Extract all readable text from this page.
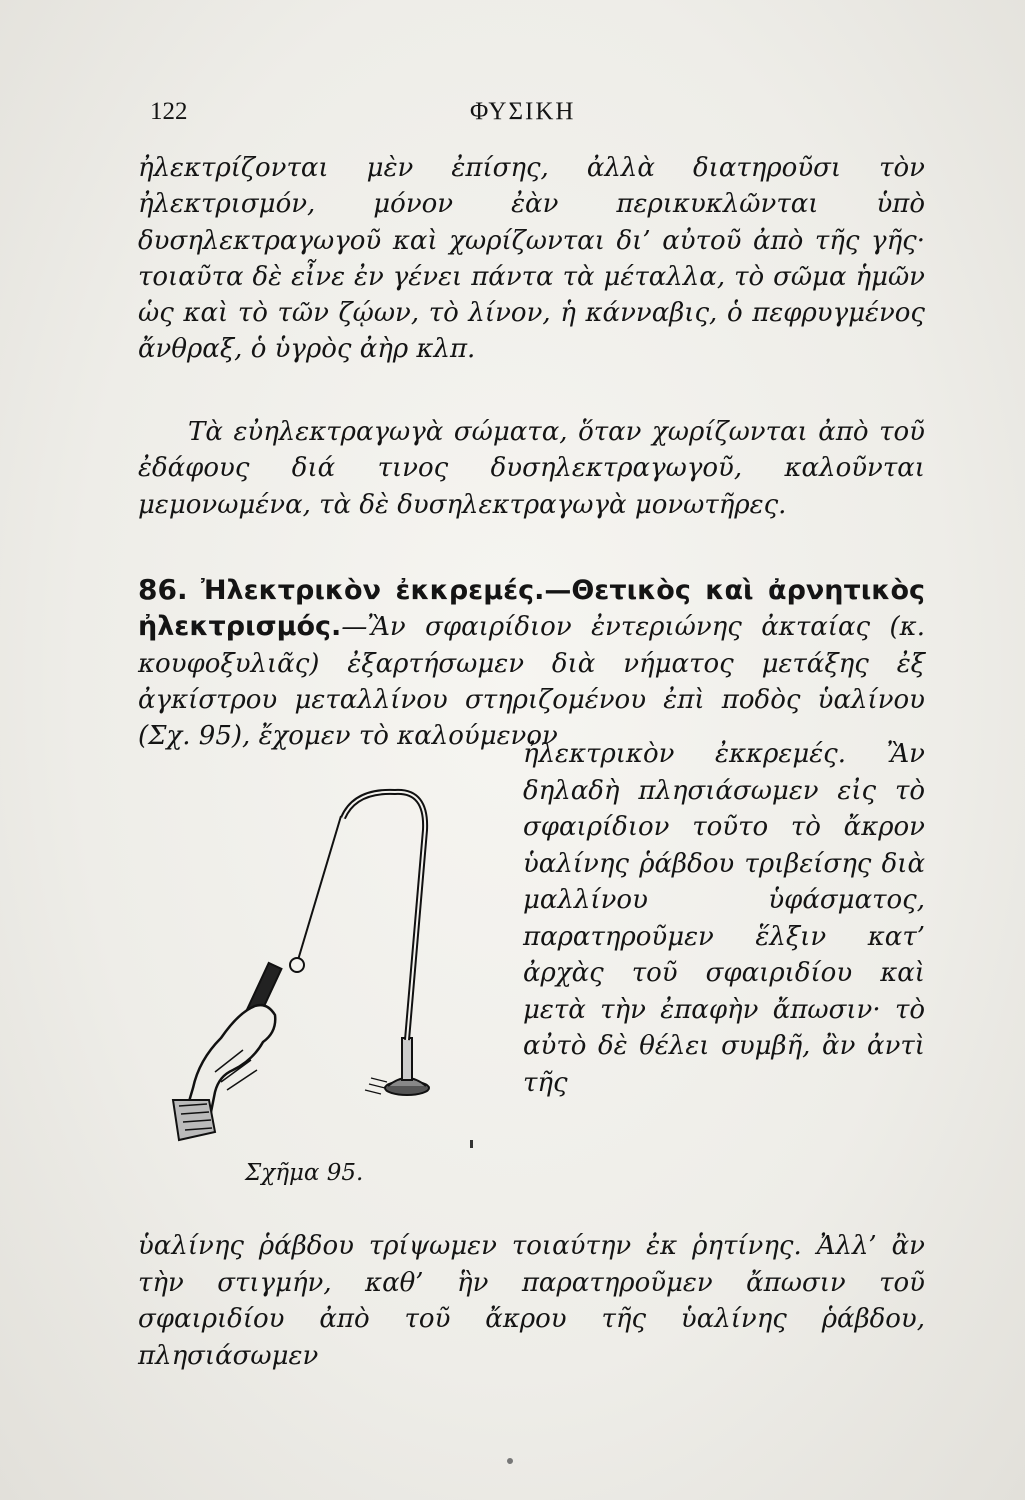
122	ΦΥΣΙΚΗ
ἠλεκτρίζονται μὲν ἐπίσης, ἀλλὰ διατηροῦσι τὸν ἠλεκτρισμόν, μόνον ἐὰν περικυκλῶνται ὑπὸ δυσηλεκτραγωγοῦ καὶ χωρίζωνται δι’ αὐτοῦ ἀπὸ τῆς γῆς· τοιαῦτα δὲ εἶνε ἐν γένει πάντα τὰ μέταλλα, τὸ σῶμα ἡμῶν ὡς καὶ τὸ τῶν ζῴων, τὸ λίνον, ἡ κάνναβις, ὁ πεφρυγμένος ἄνθραξ, ὁ ὑγρὸς ἀὴρ κλπ.
Τὰ εὐηλεκτραγωγὰ σώματα, ὅταν χωρίζωνται ἀπὸ τοῦ ἐδάφους διά τινος δυσηλεκτραγωγοῦ, καλοῦνται μεμονωμένα, τὰ δὲ δυσηλεκτραγωγὰ μονωτῆρες.
86. Ἠλεκτρικὸν ἐκκρεμές.—Θετικὸς καὶ ἀρνητικὸς ἠλεκτρισμός.—Ἂν σφαιρίδιον ἐντεριώνης ἀκταίας (κ. κουφοξυλιᾶς) ἐξαρτήσωμεν διὰ νήματος μετάξης ἐξ ἀγκίστρου μεταλλίνου στηριζομένου ἐπὶ ποδὸς ὑαλίνου (Σχ. 95), ἔχομεν τὸ καλούμενον
ἠλεκτρικὸν ἐκκρεμές. Ἂν δηλαδὴ πλησιάσωμεν εἰς τὸ σφαιρίδιον τοῦτο τὸ ἄκρον ὑαλίνης ῥάβδου τριβείσης διὰ μαλλίνου ὑφάσματος, παρατηροῦμεν ἕλξιν κατ’ ἀρχὰς τοῦ σφαιριδίου καὶ μετὰ τὴν ἐπαφὴν ἄπωσιν· τὸ αὐτὸ δὲ θέλει συμβῆ, ἂν ἀντὶ τῆς
Σχῆμα 95.
ὑαλίνης ῥάβδου τρίψωμεν τοιαύτην ἐκ ῥητίνης. Ἀλλ’ ἂν τὴν στιγμήν, καθ’ ἣν παρατηροῦμεν ἄπωσιν τοῦ σφαιριδίου ἀπὸ τοῦ ἄκρου τῆς ὑαλίνης ῥάβδου, πλησιάσωμεν
